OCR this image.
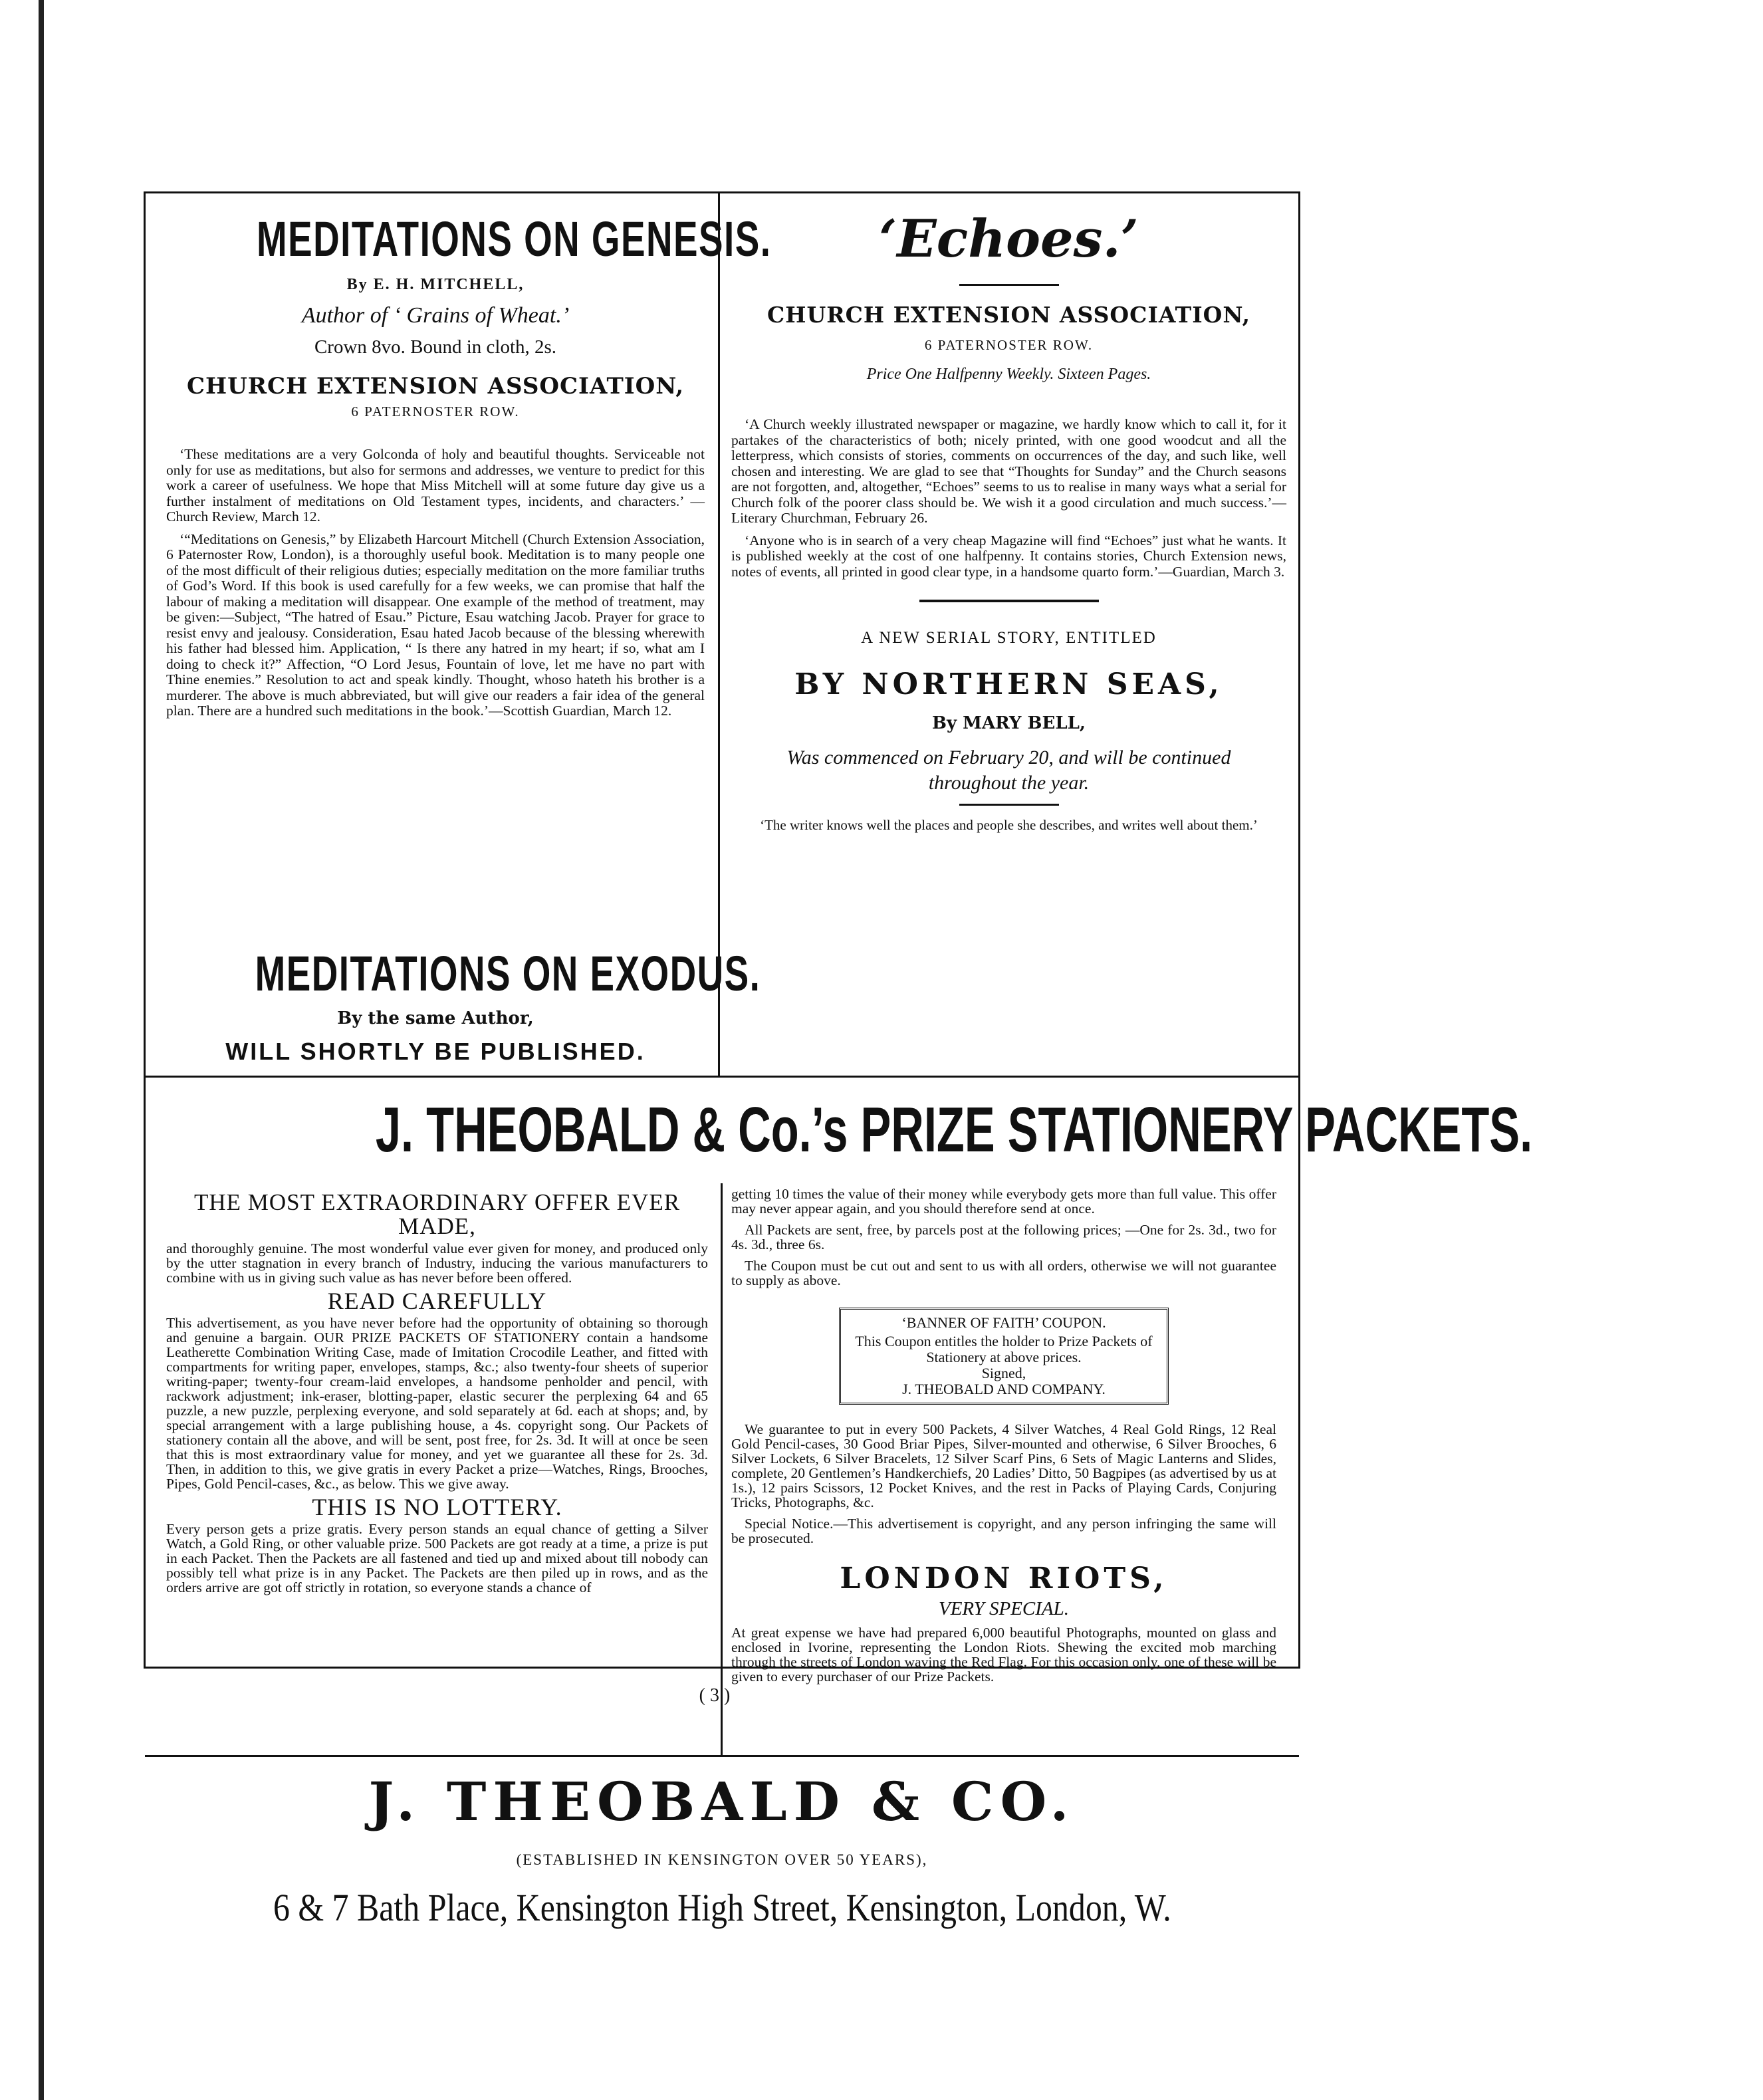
MEDITATIONS ON GENESIS.
By E. H. MITCHELL,
Author of ‘ Grains of Wheat.’
Crown 8vo. Bound in cloth, 2s.
CHURCH EXTENSION ASSOCIATION,
6 PATERNOSTER ROW.

‘These meditations are a very Golconda of holy and beautiful thoughts. Serviceable not only for use as meditations, but also for sermons and addresses, we venture to predict for this work a career of usefulness. We hope that Miss Mitchell will at some future day give us a further instalment of meditations on Old Testament types, incidents, and characters.’ — Church Review, March 12.

‘“Meditations on Genesis,” by Elizabeth Harcourt Mitchell (Church Extension Association, 6 Paternoster Row, London), is a thoroughly useful book. Meditation is to many people one of the most difficult of their religious duties; especially meditation on the more familiar truths of God’s Word. If this book is used carefully for a few weeks, we can promise that half the labour of making a meditation will disappear. One example of the method of treatment, may be given:—Subject, “The hatred of Esau.” Picture, Esau watching Jacob. Prayer for grace to resist envy and jealousy. Consideration, Esau hated Jacob because of the blessing wherewith his father had blessed him. Application, “ Is there any hatred in my heart; if so, what am I doing to check it?” Affection, “O Lord Jesus, Fountain of love, let me have no part with Thine enemies.” Resolution to act and speak kindly. Thought, whoso hateth his brother is a murderer. The above is much abbreviated, but will give our readers a fair idea of the general plan. There are a hundred such meditations in the book.’—Scottish Guardian, March 12.

MEDITATIONS ON EXODUS.
By the same Author,
WILL SHORTLY BE PUBLISHED.
‘Echoes.’
CHURCH EXTENSION ASSOCIATION,
6 PATERNOSTER ROW.
Price One Halfpenny Weekly. Sixteen Pages.

‘A Church weekly illustrated newspaper or magazine, we hardly know which to call it, for it partakes of the characteristics of both; nicely printed, with one good woodcut and all the letterpress, which consists of stories, comments on occurrences of the day, and such like, well chosen and interesting. We are glad to see that “Thoughts for Sunday” and the Church seasons are not forgotten, and, altogether, “Echoes” seems to us to realise in many ways what a serial for Church folk of the poorer class should be. We wish it a good circulation and much success.’—Literary Churchman, February 26.

‘Anyone who is in search of a very cheap Magazine will find “Echoes” just what he wants. It is published weekly at the cost of one halfpenny. It contains stories, Church Extension news, notes of events, all printed in good clear type, in a handsome quarto form.’—Guardian, March 3.

A NEW SERIAL STORY, ENTITLED
BY NORTHERN SEAS,
By MARY BELL,
Was commenced on February 20, and will be continued throughout the year.
‘The writer knows well the places and people she describes, and writes well about them.’
J. THEOBALD & Co.’s PRIZE STATIONERY PACKETS.
THE MOST EXTRAORDINARY OFFER EVER MADE,
and thoroughly genuine. The most wonderful value ever given for money, and produced only by the utter stagnation in every branch of Industry, inducing the various manufacturers to combine with us in giving such value as has never before been offered.
READ CAREFULLY
This advertisement, as you have never before had the opportunity of obtaining so thorough and genuine a bargain. OUR PRIZE PACKETS OF STATIONERY contain a handsome Leatherette Combination Writing Case, made of Imitation Crocodile Leather, and fitted with compartments for writing paper, envelopes, stamps, &c.; also twenty-four sheets of superior writing-paper; twenty-four cream-laid envelopes, a handsome penholder and pencil, with rackwork adjustment; ink-eraser, blotting-paper, elastic securer the perplexing 64 and 65 puzzle, a new puzzle, perplexing everyone, and sold separately at 6d. each at shops; and, by special arrangement with a large publishing house, a 4s. copyright song. Our Packets of stationery contain all the above, and will be sent, post free, for 2s. 3d. It will at once be seen that this is most extraordinary value for money, and yet we guarantee all these for 2s. 3d. Then, in addition to this, we give gratis in every Packet a prize—Watches, Rings, Brooches, Pipes, Gold Pencil-cases, &c., as below. This we give away.
THIS IS NO LOTTERY.
Every person gets a prize gratis. Every person stands an equal chance of getting a Silver Watch, a Gold Ring, or other valuable prize. 500 Packets are got ready at a time, a prize is put in each Packet. Then the Packets are all fastened and tied up and mixed about till nobody can possibly tell what prize is in any Packet. The Packets are then piled up in rows, and as the orders arrive are got off strictly in rotation, so everyone stands a chance of

getting 10 times the value of their money while everybody gets more than full value. This offer may never appear again, and you should therefore send at once.

All Packets are sent, free, by parcels post at the following prices; —One for 2s. 3d., two for 4s. 3d., three 6s.

The Coupon must be cut out and sent to us with all orders, otherwise we will not guarantee to supply as above.

‘BANNER OF FAITH’ COUPON.
This Coupon entitles the holder to Prize Packets of Stationery at above prices.
Signed,
J. THEOBALD AND COMPANY.

We guarantee to put in every 500 Packets, 4 Silver Watches, 4 Real Gold Rings, 12 Real Gold Pencil-cases, 30 Good Briar Pipes, Silver-mounted and otherwise, 6 Silver Brooches, 6 Silver Lockets, 6 Silver Bracelets, 12 Silver Scarf Pins, 6 Sets of Magic Lanterns and Slides, complete, 20 Gentlemen’s Handkerchiefs, 20 Ladies’ Ditto, 50 Bagpipes (as advertised by us at 1s.), 12 pairs Scissors, 12 Pocket Knives, and the rest in Packs of Playing Cards, Conjuring Tricks, Photographs, &c.

Special Notice.—This advertisement is copyright, and any person infringing the same will be prosecuted.

LONDON RIOTS,
VERY SPECIAL.
At great expense we have had prepared 6,000 beautiful Photographs, mounted on glass and enclosed in Ivorine, representing the London Riots. Shewing the excited mob marching through the streets of London waving the Red Flag. For this occasion only, one of these will be given to every purchaser of our Prize Packets.
J. THEOBALD & CO.
(ESTABLISHED IN KENSINGTON OVER 50 YEARS),
6 & 7 Bath Place, Kensington High Street, Kensington, London, W.
( 3 )
